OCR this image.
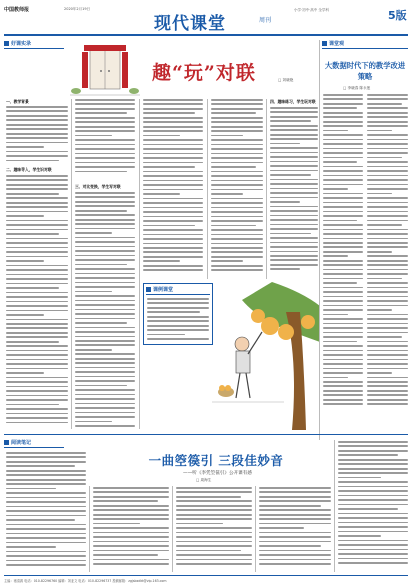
中国教师报	2020年2月19日
现代课堂	周刊
小学·初中·高中 全学科	5版
好课实录	课堂观
趣“玩”对联	□ 刘晓艳
一、教学背景
二、趣味导入，学生识对联
三、对比变换，学生写对联
四、趣味练习，学生玩对联
课例课堂
大数据时代下的教学改进策略
□ 李晓春 陈永莲
阅读笔记
一曲箜篌引 三段佳妙音
——听《李凭箜篌引》公开课有感
□ 周海生
主编：褚清源 电话：010-82296760 编辑：刘亚文 电话：010-82296737 投稿邮箱：zgjsbxdkt@vip.163.com
